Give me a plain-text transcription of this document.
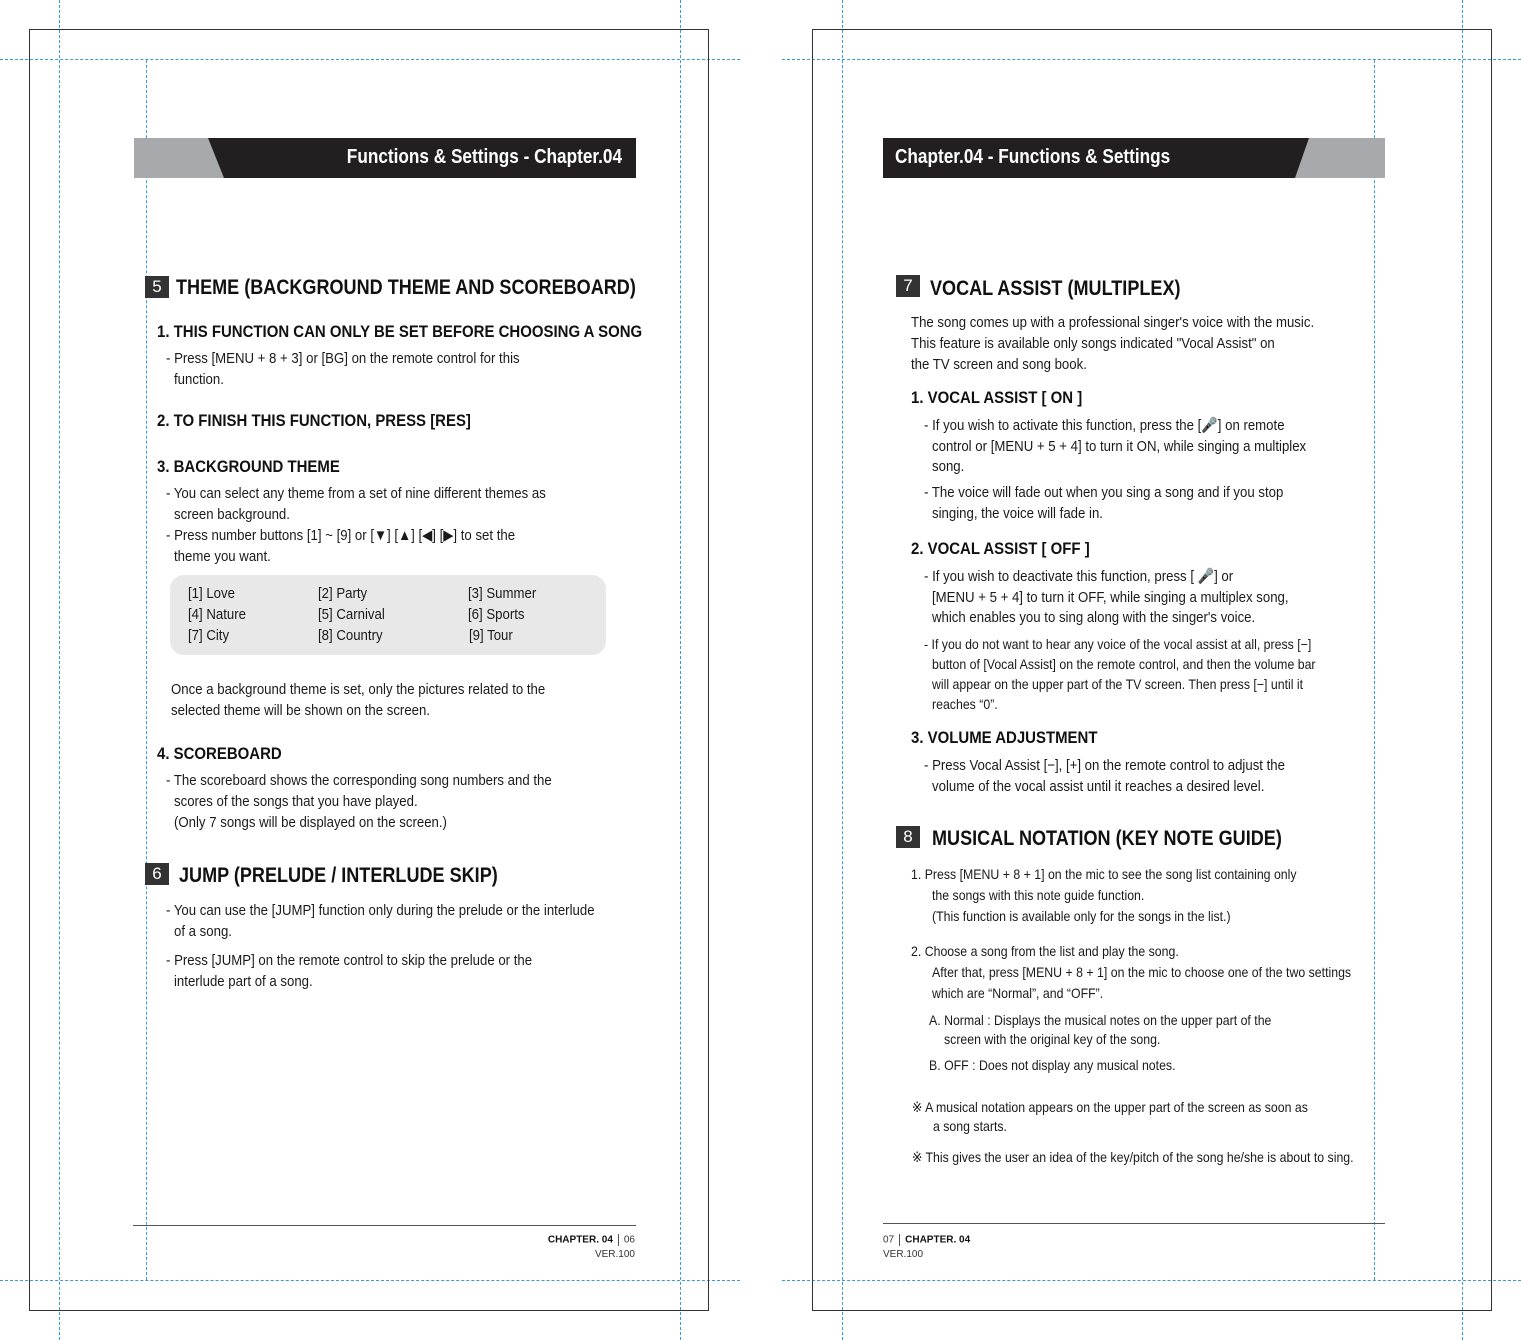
Functions & Settings - Chapter.04
5 THEME (BACKGROUND THEME AND SCOREBOARD)
1. THIS FUNCTION CAN ONLY BE SET BEFORE CHOOSING A SONG
- Press [MENU + 8 + 3] or [BG] on the remote control for this
function.
2. TO FINISH THIS FUNCTION, PRESS [RES]
3. BACKGROUND THEME
- You can select any theme from a set of nine different themes as
screen background.
- Press number buttons [1] ~ [9] or [▼] [▲] [◀] [▶] to set the
theme you want.
[1] Love	[2] Party	[3] Summer
[4] Nature	[5] Carnival	[6] Sports
[7] City	[8] Country	[9] Tour
Once a background theme is set, only the pictures related to the
selected theme will be shown on the screen.
4. SCOREBOARD
- The scoreboard shows the corresponding song numbers and the
scores of the songs that you have played.
(Only 7 songs will be displayed on the screen.)
6 JUMP (PRELUDE / INTERLUDE SKIP)
- You can use the [JUMP] function only during the prelude or the interlude
of a song.
- Press [JUMP] on the remote control to skip the prelude or the
interlude part of a song.
CHAPTER. 04 06
VER.100
Chapter.04 - Functions & Settings
7 VOCAL ASSIST (MULTIPLEX)
The song comes up with a professional singer's voice with the music.
This feature is available only songs indicated "Vocal Assist" on
the TV screen and song book.
1. VOCAL ASSIST [ ON ]
- If you wish to activate this function, press the [🎤] on remote
control or [MENU + 5 + 4] to turn it ON, while singing a multiplex
song.
- The voice will fade out when you sing a song and if you stop
singing, the voice will fade in.
2. VOCAL ASSIST [ OFF ]
- If you wish to deactivate this function, press [ 🎤] or
[MENU + 5 + 4] to turn it OFF, while singing a multiplex song,
which enables you to sing along with the singer's voice.
- If you do not want to hear any voice of the vocal assist at all, press [−]
button of [Vocal Assist] on the remote control, and then the volume bar
will appear on the upper part of the TV screen. Then press [−] until it
reaches “0”.
3. VOLUME ADJUSTMENT
- Press Vocal Assist [−], [+] on the remote control to adjust the
volume of the vocal assist until it reaches a desired level.
8 MUSICAL NOTATION (KEY NOTE GUIDE)
1. Press [MENU + 8 + 1] on the mic to see the song list containing only
the songs with this note guide function.
(This function is available only for the songs in the list.)
2. Choose a song from the list and play the song.
After that, press [MENU + 8 + 1] on the mic to choose one of the two settings
which are “Normal”, and “OFF”.
A. Normal : Displays the musical notes on the upper part of the
screen with the original key of the song.
B. OFF : Does not display any musical notes.
※ A musical notation appears on the upper part of the screen as soon as
a song starts.
※ This gives the user an idea of the key/pitch of the song he/she is about to sing.
07 CHAPTER. 04
VER.100
